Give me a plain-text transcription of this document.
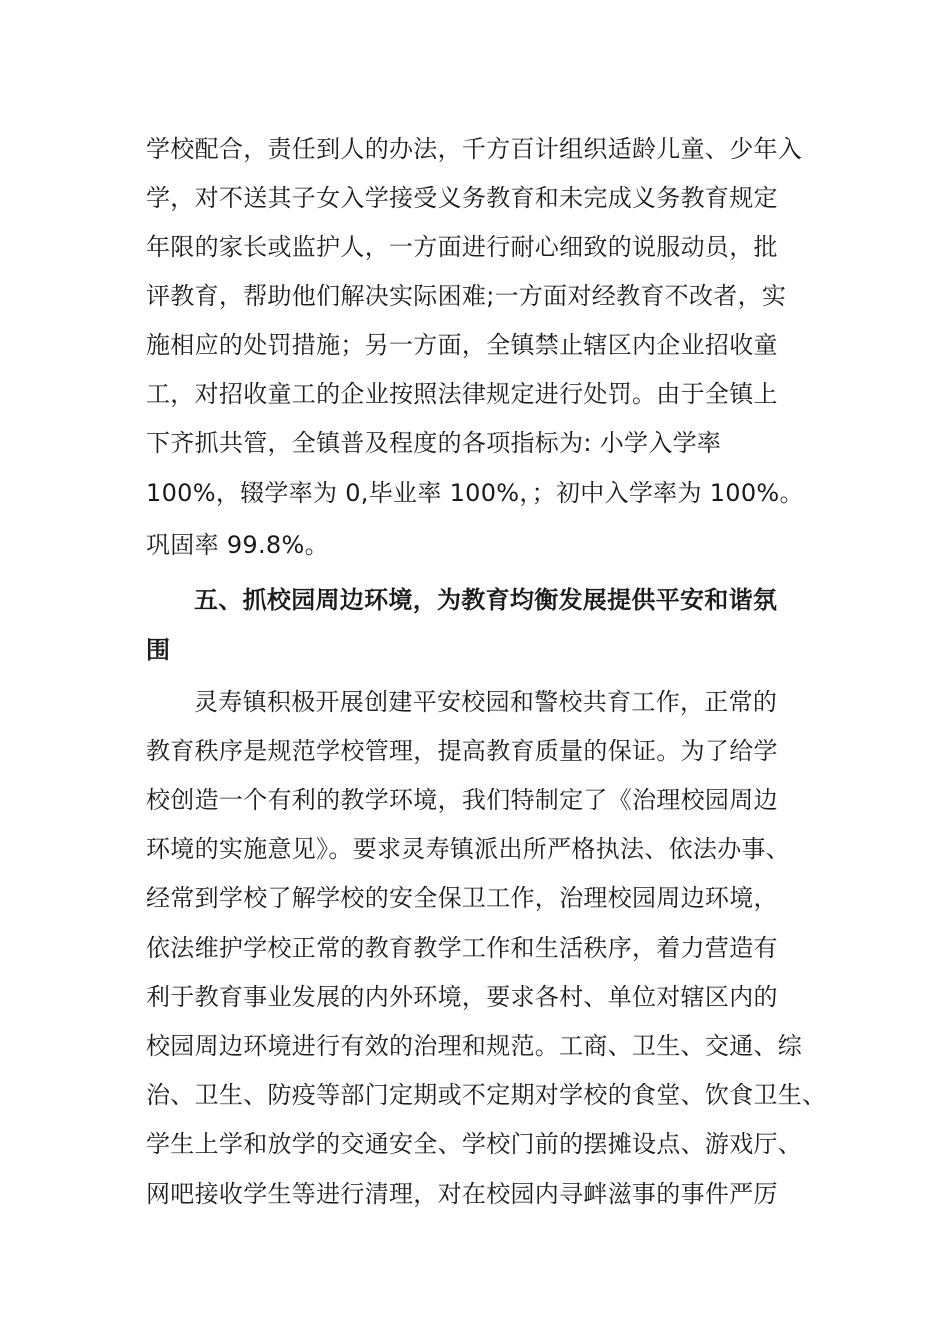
学校配合，责任到人的办法，千方百计组织适龄儿童、少年入
学，对不送其子女入学接受义务教育和未完成义务教育规定
年限的家长或监护人，一方面进行耐心细致的说服动员，批
评教育，帮助他们解决实际困难;一方面对经教育不改者，实
施相应的处罚措施；另一方面，全镇禁止辖区内企业招收童
工，对招收童工的企业按照法律规定进行处罚。由于全镇上
下齐抓共管，全镇普及程度的各项指标为: 小学入学率
100%，辍学率为 0,毕业率 100%，；初中入学率为 100%。
巩固率 99.8%。
五、抓校园周边环境，为教育均衡发展提供平安和谐氛
围
灵寿镇积极开展创建平安校园和警校共育工作，正常的
教育秩序是规范学校管理，提高教育质量的保证。为了给学
校创造一个有利的教学环境，我们特制定了《治理校园周边
环境的实施意见》。要求灵寿镇派出所严格执法、依法办事、
经常到学校了解学校的安全保卫工作，治理校园周边环境，
依法维护学校正常的教育教学工作和生活秩序，着力营造有
利于教育事业发展的内外环境，要求各村、单位对辖区内的
校园周边环境进行有效的治理和规范。工商、卫生、交通、综
治、卫生、防疫等部门定期或不定期对学校的食堂、饮食卫生、
学生上学和放学的交通安全、学校门前的摆摊设点、游戏厅、
网吧接收学生等进行清理，对在校园内寻衅滋事的事件严厉
